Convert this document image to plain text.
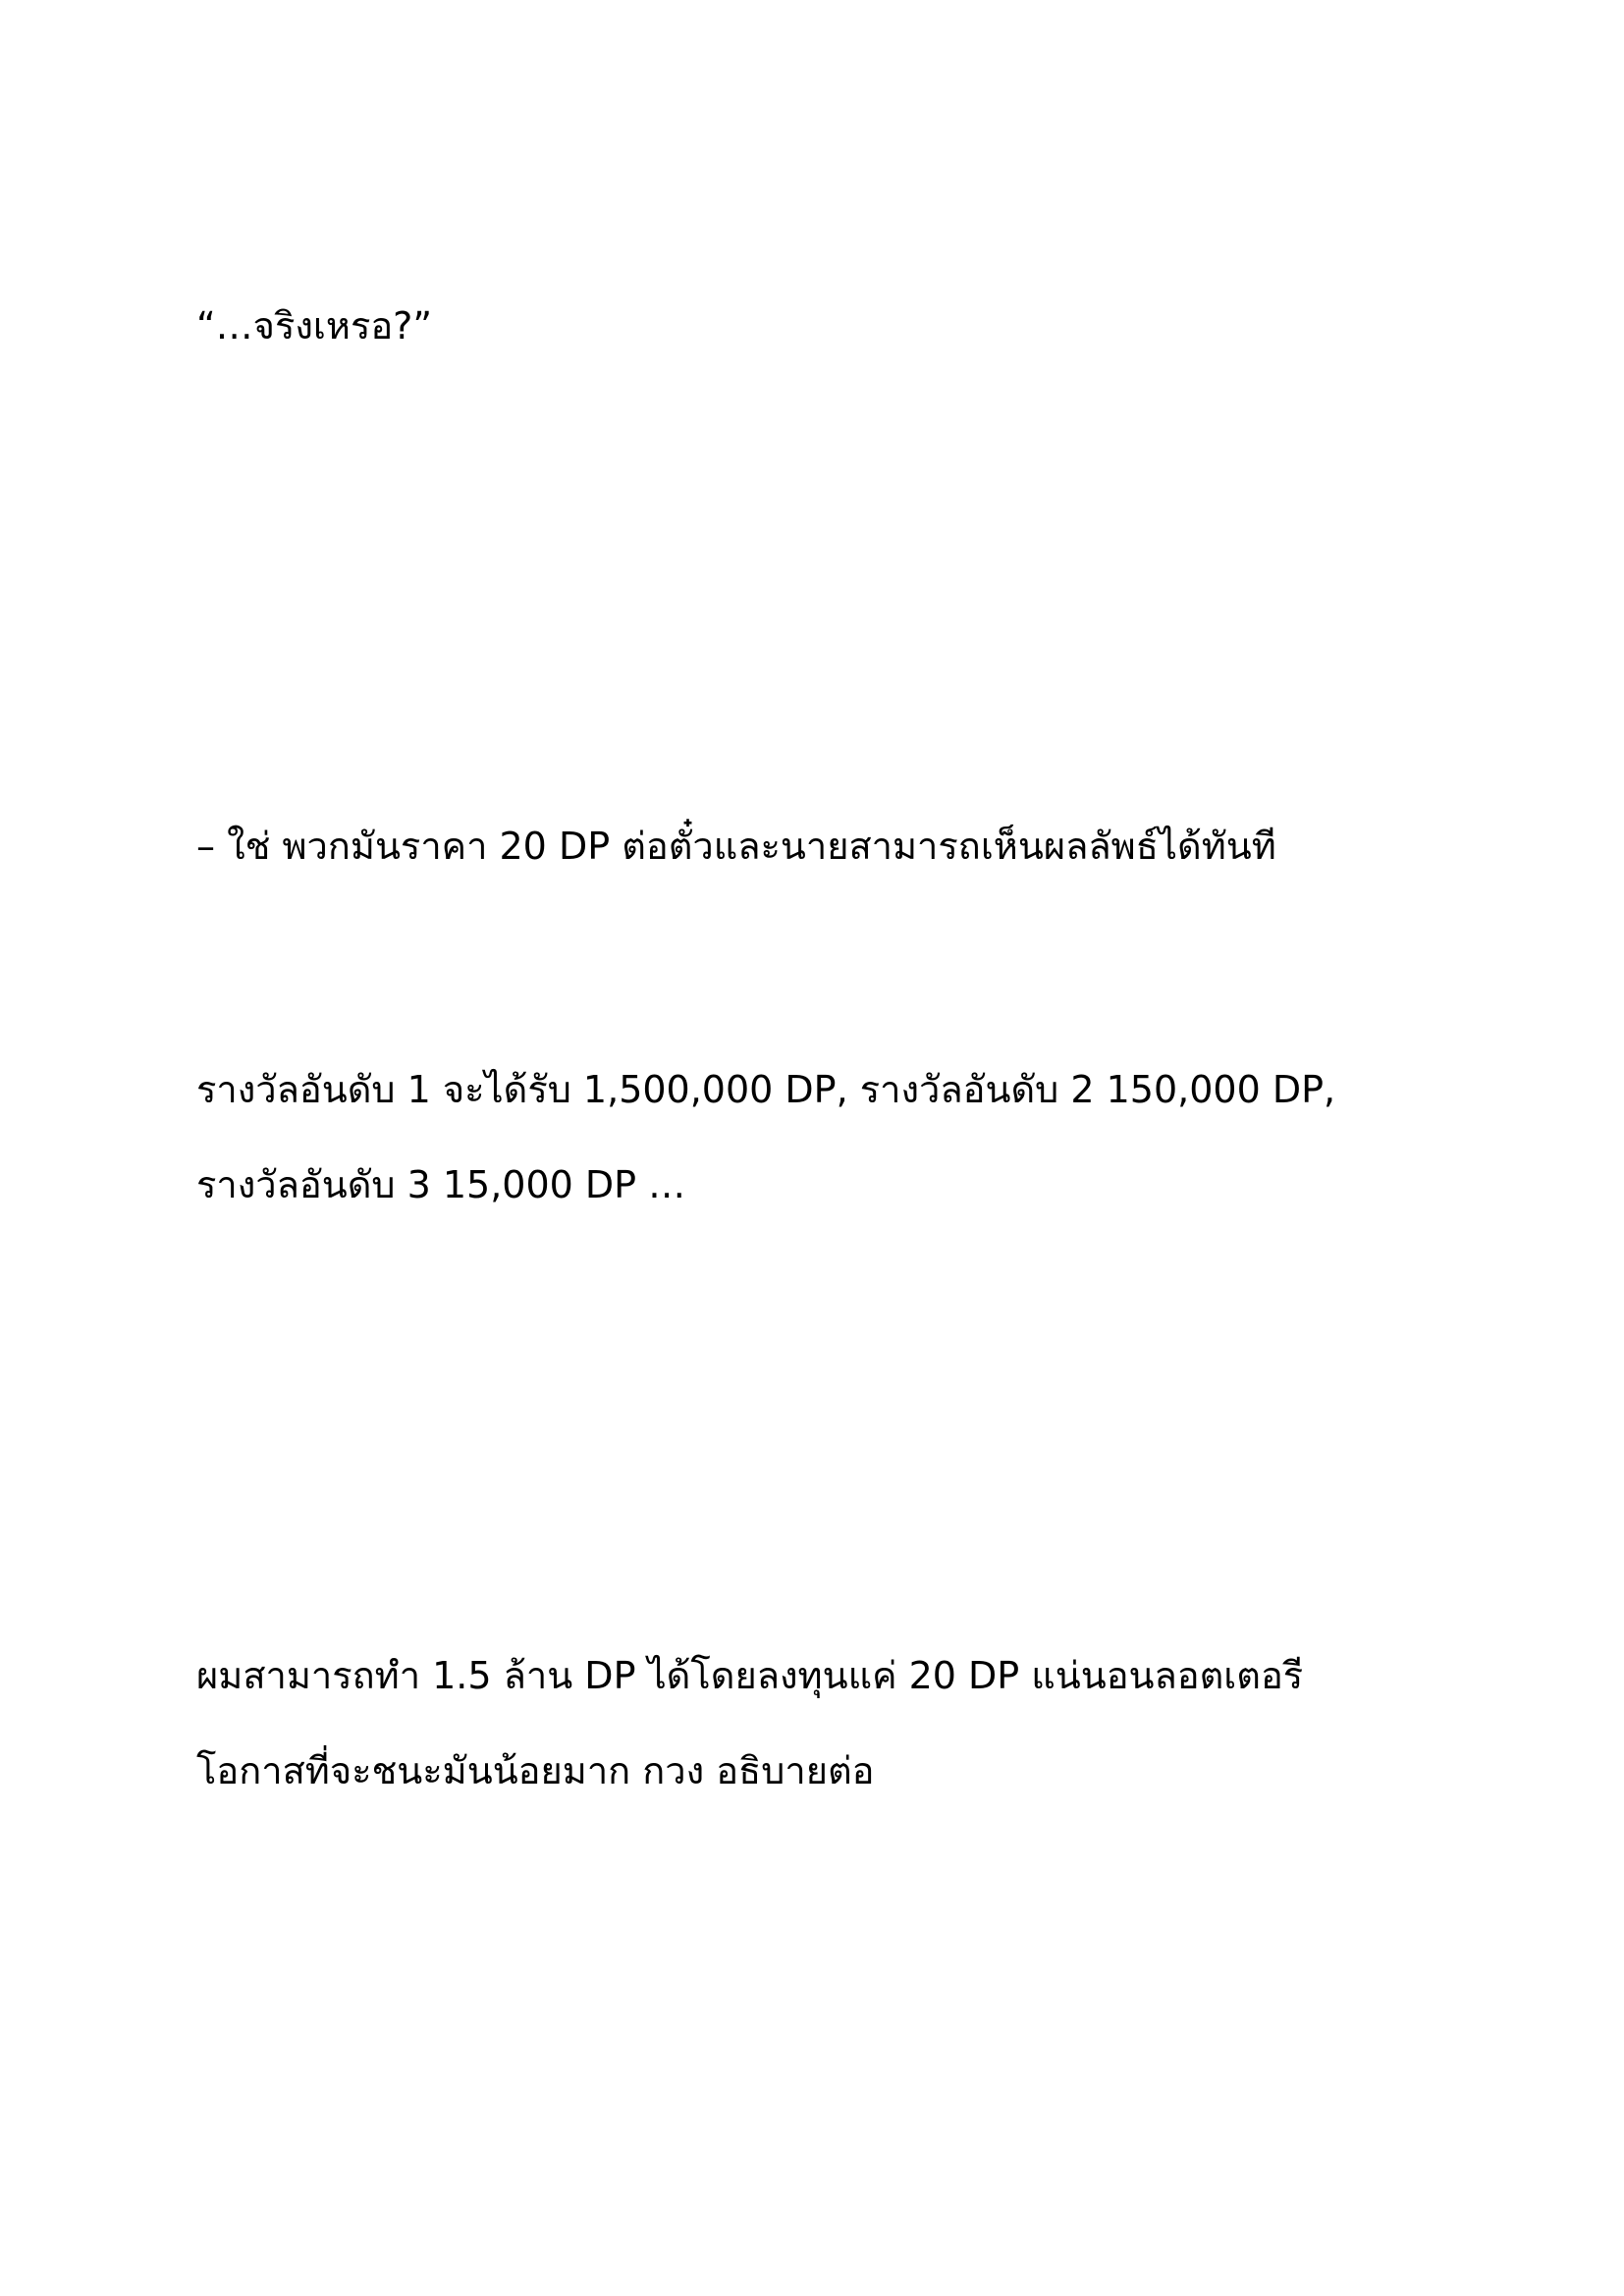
“…จริงเหรอ?”

– ใช่ พวกมันราคา 20 DP ต่อตั๋วและนายสามารถเห็นผลลัพธ์ได้ทันที

รางวัลอันดับ 1 จะได้รับ 1,500,000 DP, รางวัลอันดับ 2 150,000 DP,

รางวัลอันดับ 3 15,000 DP …

ผมสามารถทำ 1.5 ล้าน DP ได้โดยลงทุนแค่ 20 DP แน่นอนลอตเตอรี

โอกาสที่จะชนะมันน้อยมาก กวง อธิบายต่อ
